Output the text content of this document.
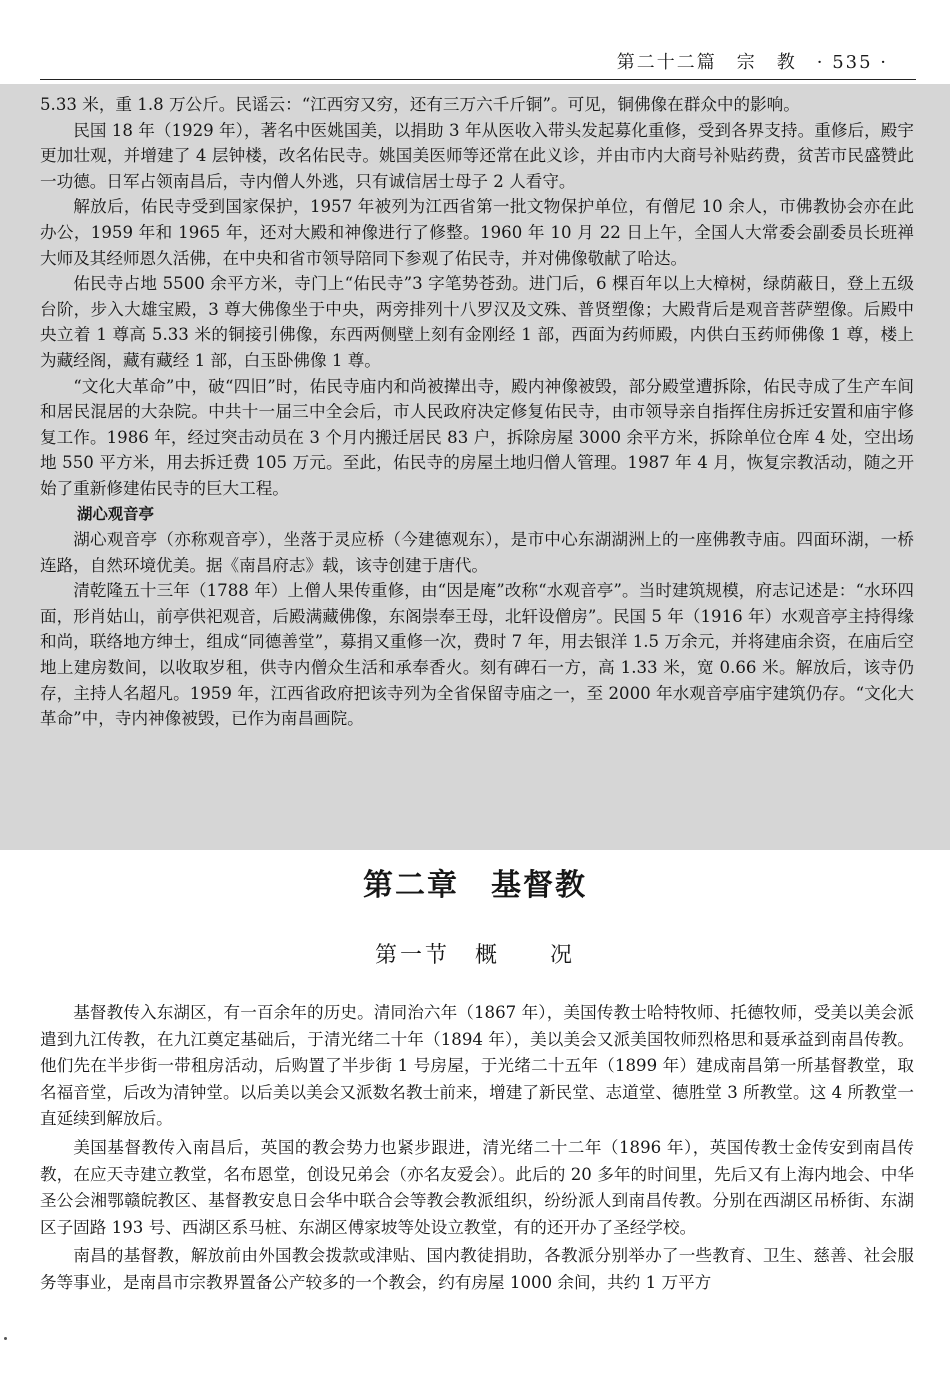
第二十二篇　宗　教　· 535 ·

5.33 米，重 1.8 万公斤。民谣云：“江西穷又穷，还有三万六千斤铜”。可见，铜佛像在群众中的影响。

民国 18 年（1929 年），著名中医姚国美，以捐助 3 年从医收入带头发起募化重修，受到各界支持。重修后，殿宇更加壮观，并增建了 4 层钟楼，改名佑民寺。姚国美医师等还常在此义诊，并由市内大商号补贴药费，贫苦市民盛赞此一功德。日军占领南昌后，寺内僧人外逃，只有诚信居士母子 2 人看守。

解放后，佑民寺受到国家保护，1957 年被列为江西省第一批文物保护单位，有僧尼 10 余人，市佛教协会亦在此办公，1959 年和 1965 年，还对大殿和神像进行了修整。1960 年 10 月 22 日上午，全国人大常委会副委员长班禅大师及其经师恩久活佛，在中央和省市领导陪同下参观了佑民寺，并对佛像敬献了哈达。

佑民寺占地 5500 余平方米，寺门上“佑民寺”3 字笔势苍劲。进门后，6 棵百年以上大樟树，绿荫蔽日，登上五级台阶，步入大雄宝殿，3 尊大佛像坐于中央，两旁排列十八罗汉及文殊、普贤塑像；大殿背后是观音菩萨塑像。后殿中央立着 1 尊高 5.33 米的铜接引佛像，东西两侧壁上刻有金刚经 1 部，西面为药师殿，内供白玉药师佛像 1 尊，楼上为藏经阁，藏有藏经 1 部，白玉卧佛像 1 尊。

“文化大革命”中，破“四旧”时，佑民寺庙内和尚被撵出寺，殿内神像被毁，部分殿堂遭拆除，佑民寺成了生产车间和居民混居的大杂院。中共十一届三中全会后，市人民政府决定修复佑民寺，由市领导亲自指挥住房拆迁安置和庙宇修复工作。1986 年，经过突击动员在 3 个月内搬迁居民 83 户，拆除房屋 3000 余平方米，拆除单位仓库 4 处，空出场地 550 平方米，用去拆迁费 105 万元。至此，佑民寺的房屋土地归僧人管理。1987 年 4 月，恢复宗教活动，随之开始了重新修建佑民寺的巨大工程。

湖心观音亭

湖心观音亭（亦称观音亭），坐落于灵应桥（今建德观东），是市中心东湖湖洲上的一座佛教寺庙。四面环湖，一桥连路，自然环境优美。据《南昌府志》载，该寺创建于唐代。

清乾隆五十三年（1788 年）上僧人果传重修，由“因是庵”改称“水观音亭”。当时建筑规模，府志记述是：“水环四面，形肖姑山，前亭供祀观音，后殿满藏佛像，东阁崇奉王母，北轩设僧房”。民国 5 年（1916 年）水观音亭主持得缘和尚，联络地方绅士，组成“同德善堂”，募捐又重修一次，费时 7 年，用去银洋 1.5 万余元，并将建庙余资，在庙后空地上建房数间，以收取岁租，供寺内僧众生活和承奉香火。刻有碑石一方，高 1.33 米，宽 0.66 米。解放后，该寺仍存，主持人名超凡。1959 年，江西省政府把该寺列为全省保留寺庙之一，至 2000 年水观音亭庙宇建筑仍存。“文化大革命”中，寺内神像被毁，已作为南昌画院。

第二章　基督教
第一节　概　　况

基督教传入东湖区，有一百余年的历史。清同治六年（1867 年），美国传教士哈特牧师、托德牧师，受美以美会派遣到九江传教，在九江奠定基础后，于清光绪二十年（1894 年），美以美会又派美国牧师烈格思和聂承益到南昌传教。他们先在半步街一带租房活动，后购置了半步街 1 号房屋，于光绪二十五年（1899 年）建成南昌第一所基督教堂，取名福音堂，后改为清钟堂。以后美以美会又派数名教士前来，增建了新民堂、志道堂、德胜堂 3 所教堂。这 4 所教堂一直延续到解放后。

美国基督教传入南昌后，英国的教会势力也紧步跟进，清光绪二十二年（1896 年），英国传教士金传安到南昌传教，在应天寺建立教堂，名布恩堂，创设兄弟会（亦名友爱会）。此后的 20 多年的时间里，先后又有上海内地会、中华圣公会湘鄂赣皖教区、基督教安息日会华中联合会等教会教派组织，纷纷派人到南昌传教。分别在西湖区吊桥街、东湖区子固路 193 号、西湖区系马桩、东湖区傅家坡等处设立教堂，有的还开办了圣经学校。

南昌的基督教，解放前由外国教会拨款或津贴、国内教徒捐助，各教派分别举办了一些教育、卫生、慈善、社会服务等事业，是南昌市宗教界置备公产较多的一个教会，约有房屋 1000 余间，共约 1 万平方
